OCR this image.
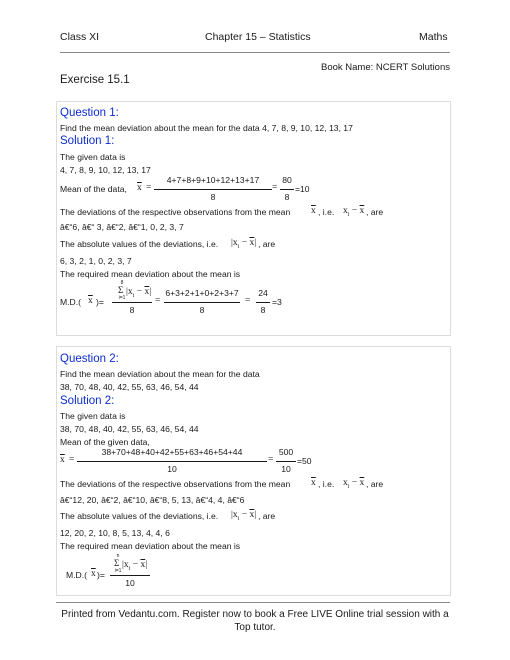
Class XI	Chapter 15 – Statistics	Maths
Book Name: NCERT Solutions
Exercise 15.1
Question 1:
Find the mean deviation about the mean for the data 4, 7, 8, 9, 10, 12, 13, 17
Solution 1:
The given data is
4, 7, 8, 9, 10, 12, 13, 17
Mean of the data, $\overline{x}$ =
4+7+8+9+10+12+13+17
8
=
80
8
=10
The deviations of the respective observations from the mean $\overline{x}$ , i.e. $x_i - \overline{x}$ , are
â€“6, â€“ 3, â€“2, â€“1, 0, 2, 3, 7
The absolute values of the deviations, i.e. $|x_i - \overline{x}|$ , are
6, 3, 2, 1, 0, 2, 3, 7
The required mean deviation about the mean is
M.D.( $\overline{x}$ )=
8
Σ
i=1
$|x_i - \overline{x}|$
8
=
6+3+2+1+0+2+3+7
8
=
24
8
=3
Question 2:
Find the mean deviation about the mean for the data
38, 70, 48, 40, 42, 55, 63, 46, 54, 44
Solution 2:
The given data is
38, 70, 48, 40, 42, 55, 63, 46, 54, 44
Mean of the given data,
$\overline{x}$ =
38+70+48+40+42+55+63+46+54+44
10
=
500
10
=50
The deviations of the respective observations from the mean $\overline{x}$ , i.e. $x_i - \overline{x}$ , are
â€“12, 20, â€“2, â€“10, â€“8, 5, 13, â€“4, 4, â€“6
The absolute values of the deviations, i.e. $|x_i - \overline{x}|$ , are
12, 20, 2, 10, 8, 5, 13, 4, 4, 6
The required mean deviation about the mean is
M.D.( $\overline{x}$ )=
n
Σ
i=1
$|x_i - \overline{x}|$
10
Printed from Vedantu.com. Register now to book a Free LIVE Online trial session with a
Top tutor.
